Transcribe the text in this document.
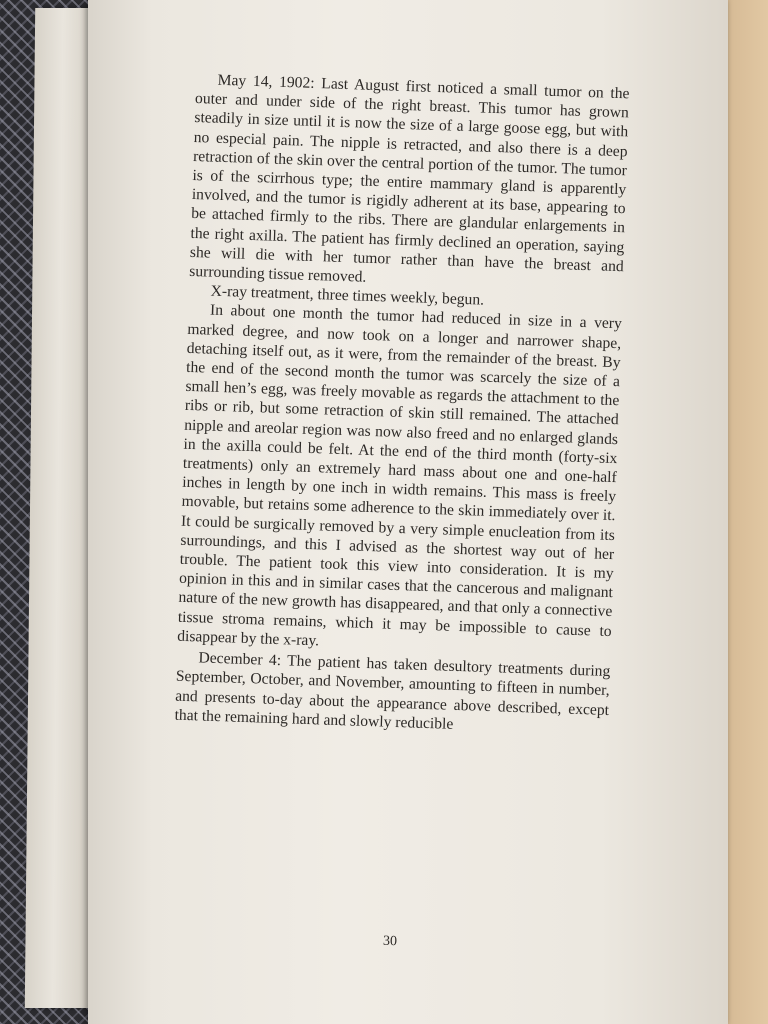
May 14, 1902: Last August first noticed a small tumor on the outer and under side of the right breast. This tumor has grown steadily in size until it is now the size of a large goose egg, but with no especial pain. The nipple is retracted, and also there is a deep retraction of the skin over the central portion of the tumor. The tumor is of the scirrhous type; the entire mammary gland is apparently involved, and the tumor is rigidly adherent at its base, appearing to be attached firmly to the ribs. There are glandular enlargements in the right axilla. The patient has firmly declined an operation, saying she will die with her tumor rather than have the breast and surrounding tissue removed.

X-ray treatment, three times weekly, begun.

In about one month the tumor had reduced in size in a very marked degree, and now took on a longer and narrower shape, detaching itself out, as it were, from the remainder of the breast. By the end of the second month the tumor was scarcely the size of a small hen’s egg, was freely movable as regards the attachment to the ribs or rib, but some retraction of skin still remained. The attached nipple and areolar region was now also freed and no enlarged glands in the axilla could be felt. At the end of the third month (forty-six treatments) only an extremely hard mass about one and one-half inches in length by one inch in width remains. This mass is freely movable, but retains some adherence to the skin immediately over it. It could be surgically removed by a very simple enucleation from its surroundings, and this I advised as the shortest way out of her trouble. The patient took this view into consideration. It is my opinion in this and in similar cases that the cancerous and malignant nature of the new growth has disappeared, and that only a connective tissue stroma remains, which it may be impossible to cause to disappear by the x-ray.

December 4: The patient has taken desultory treatments during September, October, and November, amounting to fifteen in number, and presents to-day about the appearance above described, except that the remaining hard and slowly reducible

30
